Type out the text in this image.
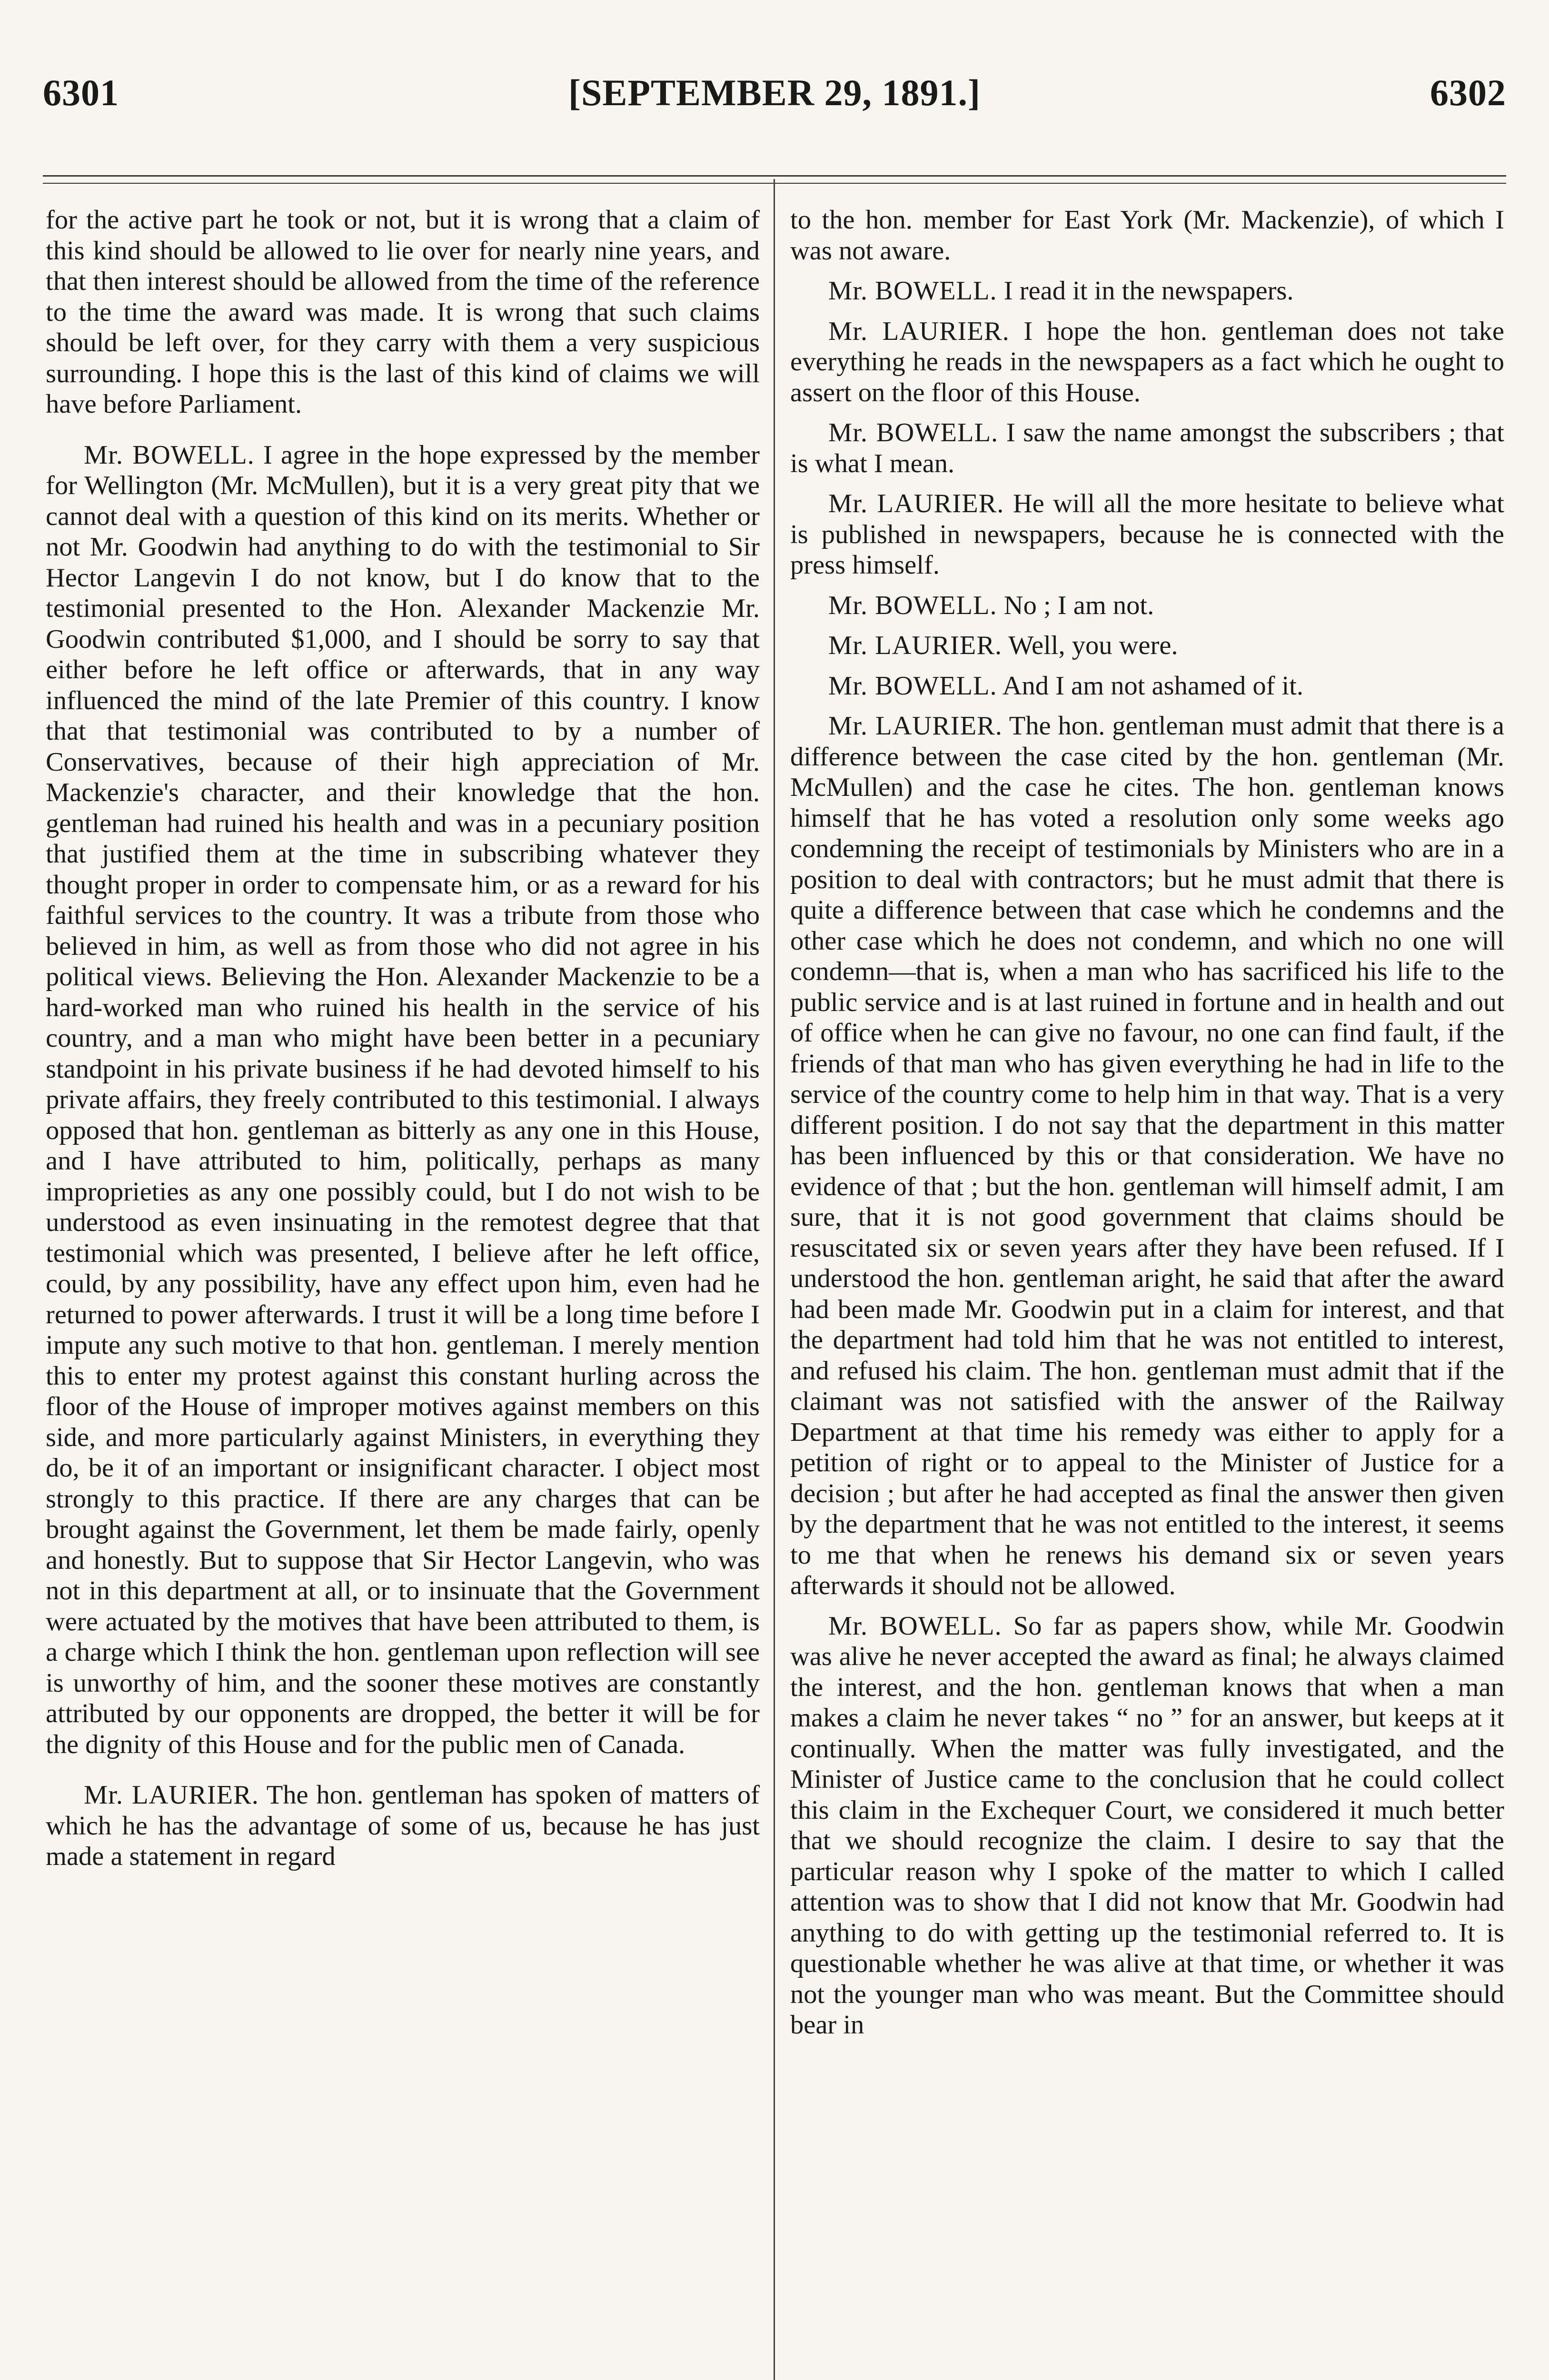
6301	[SEPTEMBER 29, 1891.]	6302

for the active part he took or not, but it is wrong that a claim of this kind should be allowed to lie over for nearly nine years, and that then interest should be allowed from the time of the reference to the time the award was made. It is wrong that such claims should be left over, for they carry with them a very suspicious surrounding. I hope this is the last of this kind of claims we will have before Parliament.

Mr. BOWELL. I agree in the hope expressed by the member for Wellington (Mr. McMullen), but it is a very great pity that we cannot deal with a question of this kind on its merits. Whether or not Mr. Goodwin had anything to do with the testimonial to Sir Hector Langevin I do not know, but I do know that to the testimonial presented to the Hon. Alexander Mackenzie Mr. Goodwin contributed $1,000, and I should be sorry to say that either before he left office or afterwards, that in any way influenced the mind of the late Premier of this country. I know that that testimonial was contributed to by a number of Conservatives, because of their high appreciation of Mr. Mackenzie's character, and their knowledge that the hon. gentleman had ruined his health and was in a pecuniary position that justified them at the time in subscribing whatever they thought proper in order to compensate him, or as a reward for his faithful services to the country. It was a tribute from those who believed in him, as well as from those who did not agree in his political views. Believing the Hon. Alexander Mackenzie to be a hard-worked man who ruined his health in the service of his country, and a man who might have been better in a pecuniary standpoint in his private business if he had devoted himself to his private affairs, they freely contributed to this testimonial. I always opposed that hon. gentleman as bitterly as any one in this House, and I have attributed to him, politically, perhaps as many improprieties as any one possibly could, but I do not wish to be understood as even insinuating in the remotest degree that that testimonial which was presented, I believe after he left office, could, by any possibility, have any effect upon him, even had he returned to power afterwards. I trust it will be a long time before I impute any such motive to that hon. gentleman. I merely mention this to enter my protest against this constant hurling across the floor of the House of improper motives against members on this side, and more particularly against Ministers, in everything they do, be it of an important or insignificant character. I object most strongly to this practice. If there are any charges that can be brought against the Government, let them be made fairly, openly and honestly. But to suppose that Sir Hector Langevin, who was not in this department at all, or to insinuate that the Government were actuated by the motives that have been attributed to them, is a charge which I think the hon. gentleman upon reflection will see is unworthy of him, and the sooner these motives are constantly attributed by our opponents are dropped, the better it will be for the dignity of this House and for the public men of Canada.

Mr. LAURIER. The hon. gentleman has spoken of matters of which he has the advantage of some of us, because he has just made a statement in regard

to the hon. member for East York (Mr. Mackenzie), of which I was not aware.

Mr. BOWELL. I read it in the newspapers.

Mr. LAURIER. I hope the hon. gentleman does not take everything he reads in the newspapers as a fact which he ought to assert on the floor of this House.

Mr. BOWELL. I saw the name amongst the subscribers ; that is what I mean.

Mr. LAURIER. He will all the more hesitate to believe what is published in newspapers, because he is connected with the press himself.

Mr. BOWELL. No ; I am not.

Mr. LAURIER. Well, you were.

Mr. BOWELL. And I am not ashamed of it.

Mr. LAURIER. The hon. gentleman must admit that there is a difference between the case cited by the hon. gentleman (Mr. McMullen) and the case he cites. The hon. gentleman knows himself that he has voted a resolution only some weeks ago condemning the receipt of testimonials by Ministers who are in a position to deal with contractors; but he must admit that there is quite a difference between that case which he condemns and the other case which he does not condemn, and which no one will condemn—that is, when a man who has sacrificed his life to the public service and is at last ruined in fortune and in health and out of office when he can give no favour, no one can find fault, if the friends of that man who has given everything he had in life to the service of the country come to help him in that way. That is a very different position. I do not say that the department in this matter has been influenced by this or that consideration. We have no evidence of that ; but the hon. gentleman will himself admit, I am sure, that it is not good government that claims should be resuscitated six or seven years after they have been refused. If I understood the hon. gentleman aright, he said that after the award had been made Mr. Goodwin put in a claim for interest, and that the department had told him that he was not entitled to interest, and refused his claim. The hon. gentleman must admit that if the claimant was not satisfied with the answer of the Railway Department at that time his remedy was either to apply for a petition of right or to appeal to the Minister of Justice for a decision ; but after he had accepted as final the answer then given by the department that he was not entitled to the interest, it seems to me that when he renews his demand six or seven years afterwards it should not be allowed.

Mr. BOWELL. So far as papers show, while Mr. Goodwin was alive he never accepted the award as final; he always claimed the interest, and the hon. gentleman knows that when a man makes a claim he never takes “ no ” for an answer, but keeps at it continually. When the matter was fully investigated, and the Minister of Justice came to the conclusion that he could collect this claim in the Exchequer Court, we considered it much better that we should recognize the claim. I desire to say that the particular reason why I spoke of the matter to which I called attention was to show that I did not know that Mr. Goodwin had anything to do with getting up the testimonial referred to. It is questionable whether he was alive at that time, or whether it was not the younger man who was meant. But the Committee should bear in
